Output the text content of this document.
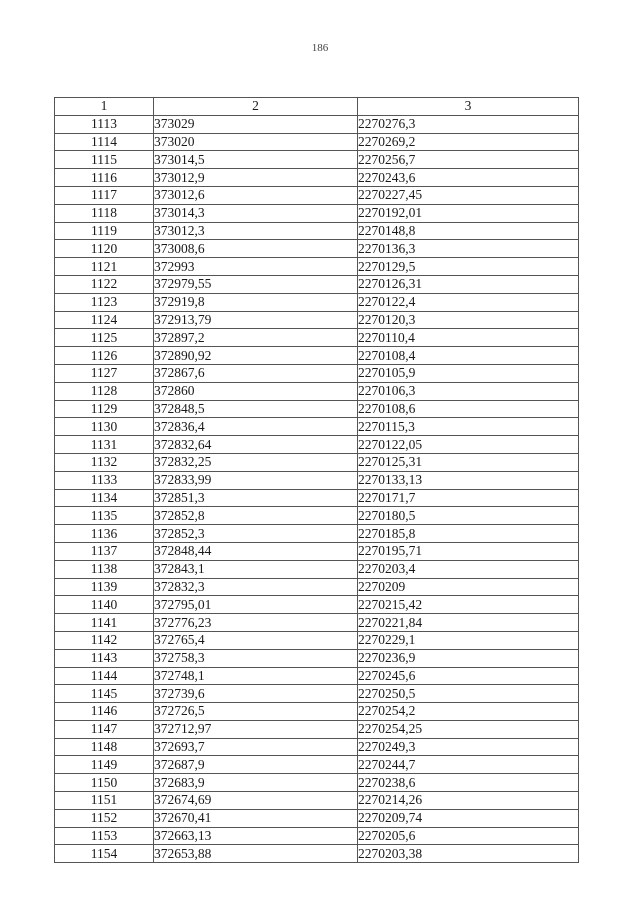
186
1	2	3
1113	373029	2270276,3
1114	373020	2270269,2
1115	373014,5	2270256,7
1116	373012,9	2270243,6
1117	373012,6	2270227,45
1118	373014,3	2270192,01
1119	373012,3	2270148,8
1120	373008,6	2270136,3
1121	372993	2270129,5
1122	372979,55	2270126,31
1123	372919,8	2270122,4
1124	372913,79	2270120,3
1125	372897,2	2270110,4
1126	372890,92	2270108,4
1127	372867,6	2270105,9
1128	372860	2270106,3
1129	372848,5	2270108,6
1130	372836,4	2270115,3
1131	372832,64	2270122,05
1132	372832,25	2270125,31
1133	372833,99	2270133,13
1134	372851,3	2270171,7
1135	372852,8	2270180,5
1136	372852,3	2270185,8
1137	372848,44	2270195,71
1138	372843,1	2270203,4
1139	372832,3	2270209
1140	372795,01	2270215,42
1141	372776,23	2270221,84
1142	372765,4	2270229,1
1143	372758,3	2270236,9
1144	372748,1	2270245,6
1145	372739,6	2270250,5
1146	372726,5	2270254,2
1147	372712,97	2270254,25
1148	372693,7	2270249,3
1149	372687,9	2270244,7
1150	372683,9	2270238,6
1151	372674,69	2270214,26
1152	372670,41	2270209,74
1153	372663,13	2270205,6
1154	372653,88	2270203,38
